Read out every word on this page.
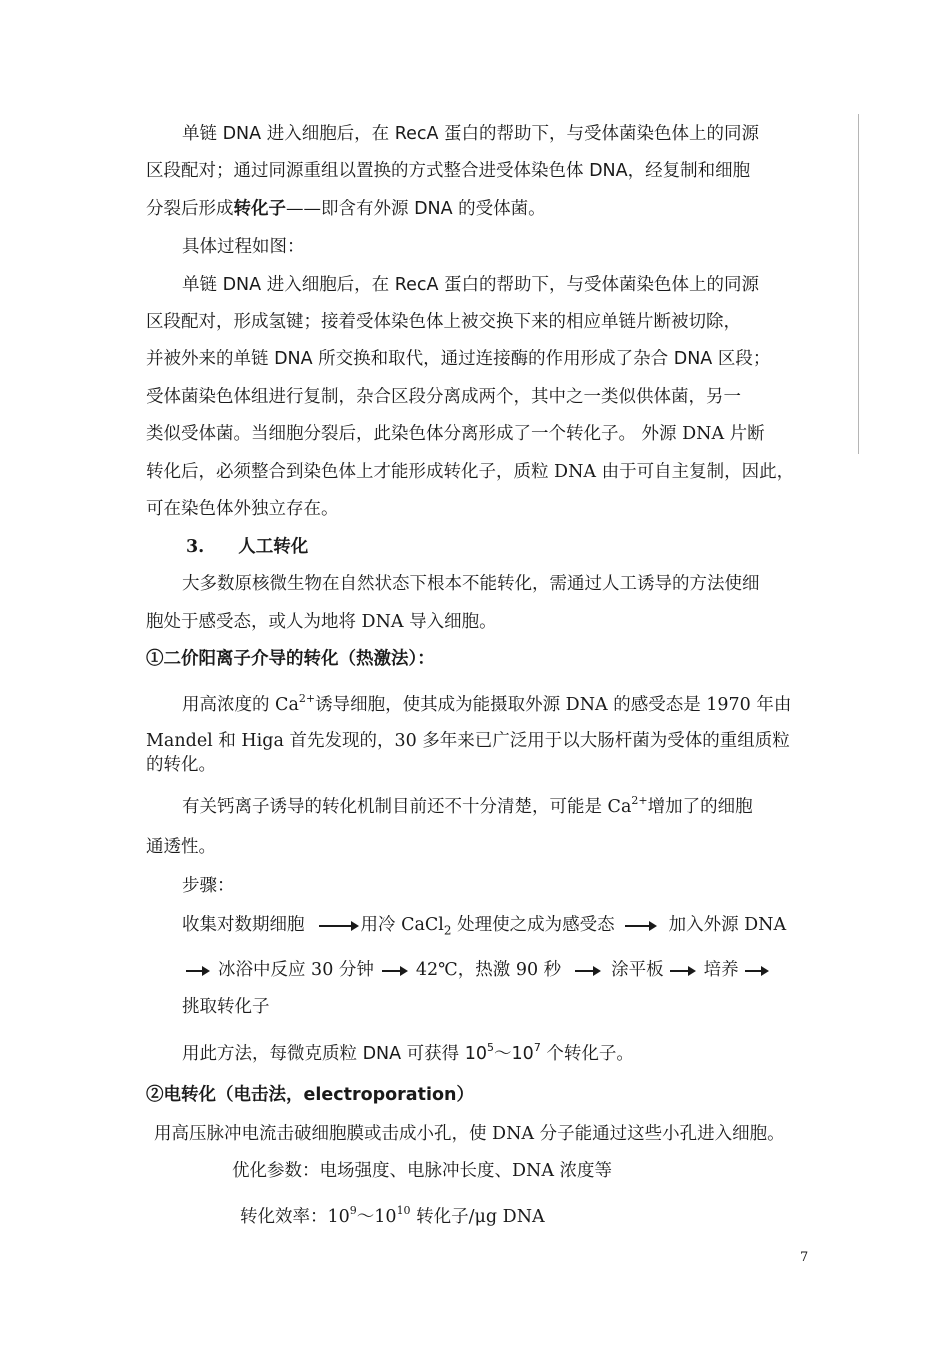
单链 DNA 进入细胞后，在 RecA 蛋白的帮助下，与受体菌染色体上的同源
区段配对；通过同源重组以置换的方式整合进受体染色体 DNA，经复制和细胞
分裂后形成转化子——即含有外源 DNA 的受体菌。
具体过程如图：
单链 DNA 进入细胞后，在 RecA 蛋白的帮助下，与受体菌染色体上的同源
区段配对，形成氢键；接着受体染色体上被交换下来的相应单链片断被切除，
并被外来的单链 DNA 所交换和取代，通过连接酶的作用形成了杂合 DNA 区段；
受体菌染色体组进行复制，杂合区段分离成两个，其中之一类似供体菌，另一
类似受体菌。当细胞分裂后，此染色体分离形成了一个转化子。 外源 DNA 片断
转化后，必须整合到染色体上才能形成转化子，质粒 DNA 由于可自主复制，因此，
可在染色体外独立存在。
3. 人工转化
大多数原核微生物在自然状态下根本不能转化，需通过人工诱导的方法使细
胞处于感受态，或人为地将 DNA 导入细胞。
①二价阳离子介导的转化（热激法）：
用高浓度的 $Ca^{2+}$诱导细胞，使其成为能摄取外源 DNA 的感受态是 1970 年由
Mandel 和 Higa 首先发现的，30 多年来已广泛用于以大肠杆菌为受体的重组质粒
的转化。
有关钙离子诱导的转化机制目前还不十分清楚，可能是 $Ca^{2+}$增加了的细胞
通透性。
步骤：
收集对数期细胞	用冷 CaCl$_2$ 处理使之成为感受态	加入外源 DNA
冰浴中反应 30 分钟 42℃，热激 90 秒	涂平板 培养
挑取转化子
用此方法，每微克质粒 DNA 可获得 $10^5\sim 10^7$ 个转化子。
②电转化（电击法，electroporation）
用高压脉冲电流击破细胞膜或击成小孔，使 DNA 分子能通过这些小孔进入细胞。
优化参数：电场强度、电脉冲长度、DNA 浓度等
转化效率：$10^9\sim 10^{10}$ 转化子/μg DNA
7
